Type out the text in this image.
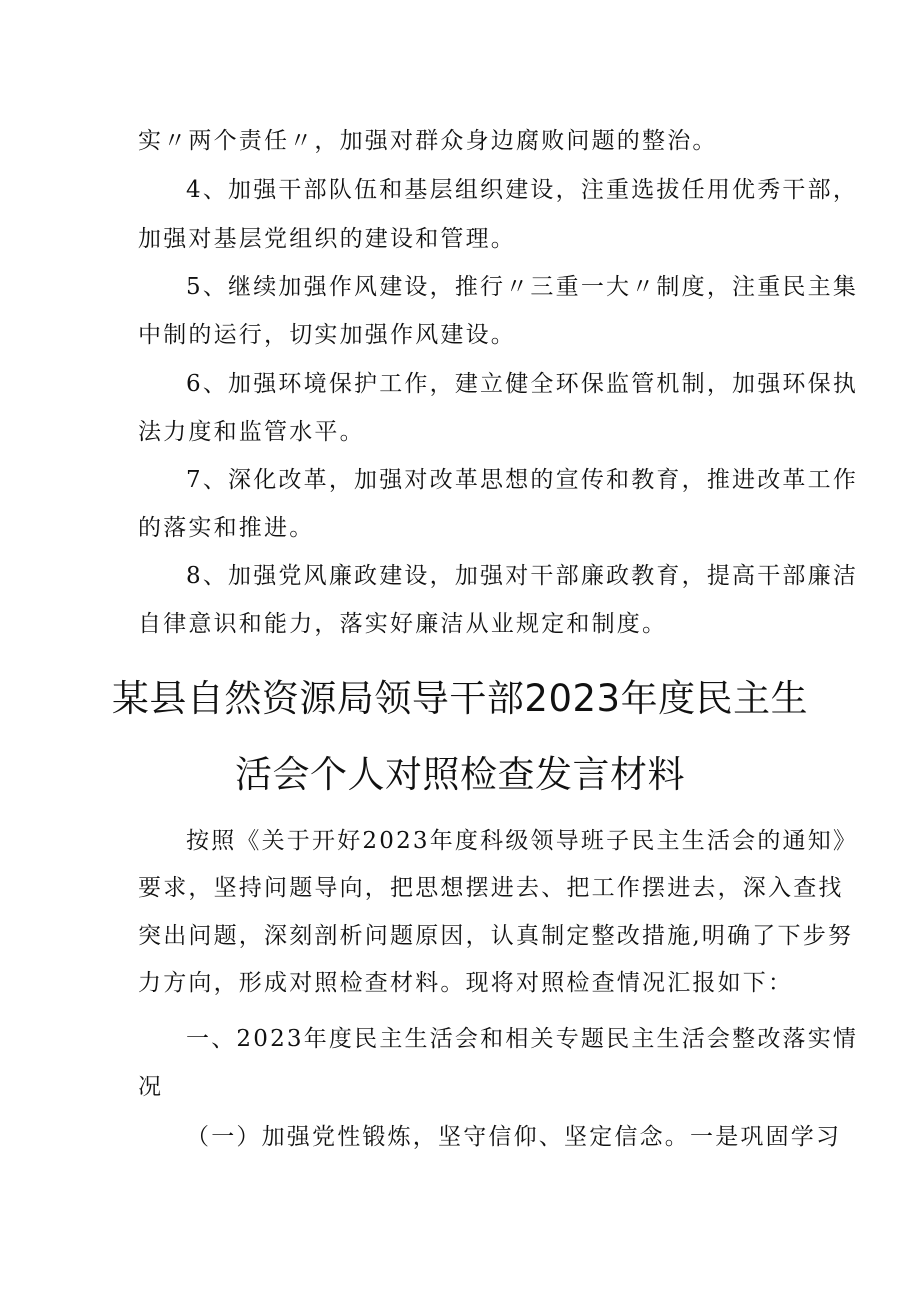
实〃两个责任〃，加强对群众身边腐败问题的整治。
4、加强干部队伍和基层组织建设，注重选拔任用优秀干部，
加强对基层党组织的建设和管理。
5、继续加强作风建设，推行〃三重一大〃制度，注重民主集
中制的运行，切实加强作风建设。
6、加强环境保护工作，建立健全环保监管机制，加强环保执
法力度和监管水平。
7、深化改革，加强对改革思想的宣传和教育，推进改革工作
的落实和推进。
8、加强党风廉政建设，加强对干部廉政教育，提高干部廉洁
自律意识和能力，落实好廉洁从业规定和制度。
某县自然资源局领导干部2023年度民主生
活会个人对照检查发言材料
按照《关于开好2023年度科级领导班子民主生活会的通知》
要求，坚持问题导向，把思想摆进去、把工作摆进去，深入查找
突出问题，深刻剖析问题原因，认真制定整改措施,明确了下步努
力方向，形成对照检查材料。现将对照检查情况汇报如下：
一、2023年度民主生活会和相关专题民主生活会整改落实情
况
（一）加强党性锻炼，坚守信仰、坚定信念。一是巩固学习
